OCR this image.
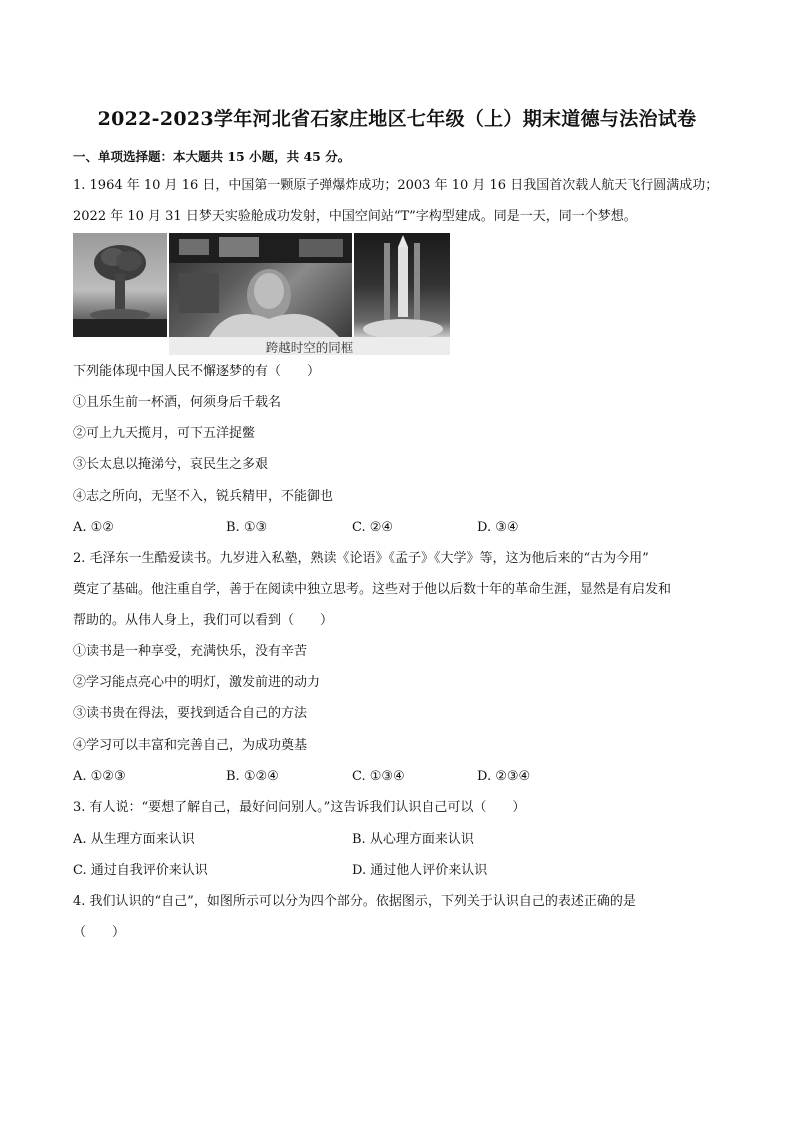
2022-2023学年河北省石家庄地区七年级（上）期末道德与法治试卷
一、单项选择题：本大题共 15 小题，共 45 分。
1. 1964 年 10 月 16 日，中国第一颗原子弹爆炸成功；2003 年 10 月 16 日我国首次载人航天飞行圆满成功；
2022 年 10 月 31 日梦天实验舱成功发射，中国空间站“T”字构型建成。同是一天，同一个梦想。
跨越时空的同框
下列能体现中国人民不懈逐梦的有（　　）
①且乐生前一杯酒，何须身后千载名
②可上九天揽月，可下五洋捉鳖
③长太息以掩涕兮，哀民生之多艰
④志之所向，无坚不入，锐兵精甲，不能御也
A. ①②	B. ①③	C. ②④	D. ③④
2. 毛泽东一生酷爱读书。九岁进入私塾，熟读《论语》《孟子》《大学》等，这为他后来的“古为今用”
奠定了基础。他注重自学，善于在阅读中独立思考。这些对于他以后数十年的革命生涯，显然是有启发和
帮助的。从伟人身上，我们可以看到（　　）
①读书是一种享受，充满快乐，没有辛苦
②学习能点亮心中的明灯，激发前进的动力
③读书贵在得法，要找到适合自己的方法
④学习可以丰富和完善自己，为成功奠基
A. ①②③	B. ①②④	C. ①③④	D. ②③④
3. 有人说：“要想了解自己，最好问问别人。”这告诉我们认识自己可以（　　）
A. 从生理方面来认识	B. 从心理方面来认识
C. 通过自我评价来认识	D. 通过他人评价来认识
4. 我们认识的“自己”，如图所示可以分为四个部分。依据图示，下列关于认识自己的表述正确的是
（　　）
